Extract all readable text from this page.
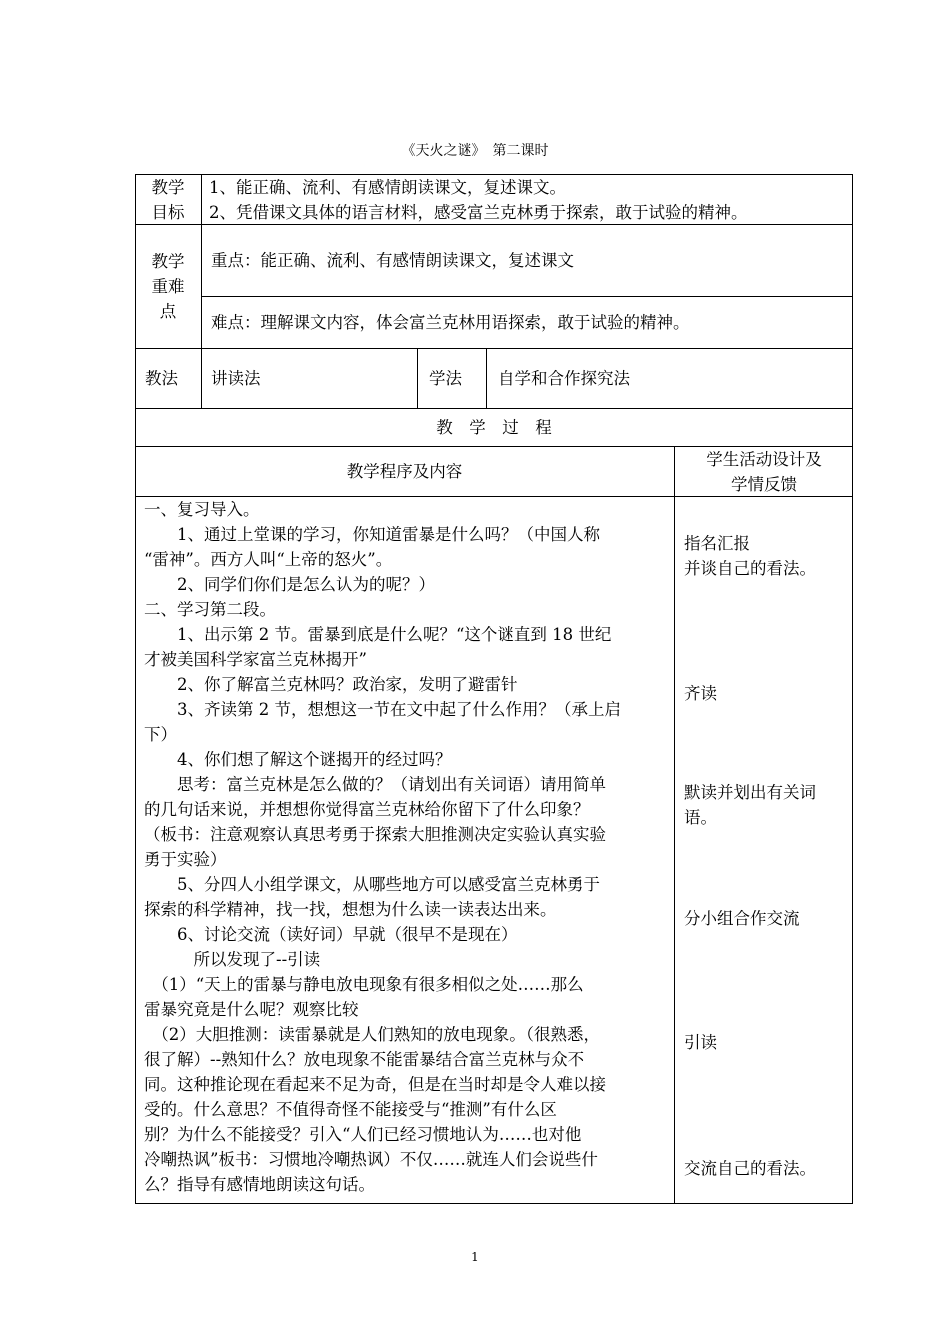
《天火之谜》　第二课时
教学
目标
1、能正确、流利、有感情朗读课文，复述课文。
2、凭借课文具体的语言材料，感受富兰克林勇于探索，敢于试验的精神。
教学
重难
点
重点：能正确、流利、有感情朗读课文，复述课文
难点：理解课文内容，体会富兰克林用语探索，敢于试验的精神。
教法 讲读法	学法 自学和合作探究法
教　学　过　程
教学程序及内容
学生活动设计及
学情反馈
一、复习导入。
　　1、通过上堂课的学习，你知道雷暴是什么吗？（中国人称
“雷神”。西方人叫“上帝的怒火”。
　　2、同学们你们是怎么认为的呢？）
二、学习第二段。
　　1、出示第 2 节。雷暴到底是什么呢？“这个谜直到 18 世纪
才被美国科学家富兰克林揭开”
　　2、你了解富兰克林吗？政治家，发明了避雷针
　　3、齐读第 2 节，想想这一节在文中起了什么作用？（承上启
下）
　　4、你们想了解这个谜揭开的经过吗？
　　思考：富兰克林是怎么做的？（请划出有关词语）请用简单
的几句话来说，并想想你觉得富兰克林给你留下了什么印象？
（板书：注意观察认真思考勇于探索大胆推测决定实验认真实验
勇于实验）
　　5、分四人小组学课文，从哪些地方可以感受富兰克林勇于
探索的科学精神，找一找，想想为什么读一读表达出来。
　　6、讨论交流（读好词）早就（很早不是现在）
　　　所以发现了--引读
　（1）“天上的雷暴与静电放电现象有很多相似之处……那么
雷暴究竟是什么呢？观察比较
　（2）大胆推测：读雷暴就是人们熟知的放电现象。（很熟悉，
很了解）--熟知什么？放电现象不能雷暴结合富兰克林与众不
同。这种推论现在看起来不足为奇，但是在当时却是令人难以接
受的。什么意思？不值得奇怪不能接受与“推测”有什么区
别？为什么不能接受？引入“人们已经习惯地认为……也对他
冷嘲热讽”板书：习惯地冷嘲热讽）不仅……就连人们会说些什
么？指导有感情地朗读这句话。
指名汇报
并谈自己的看法。
齐读
默读并划出有关词
语。
分小组合作交流
引读
交流自己的看法。
1
